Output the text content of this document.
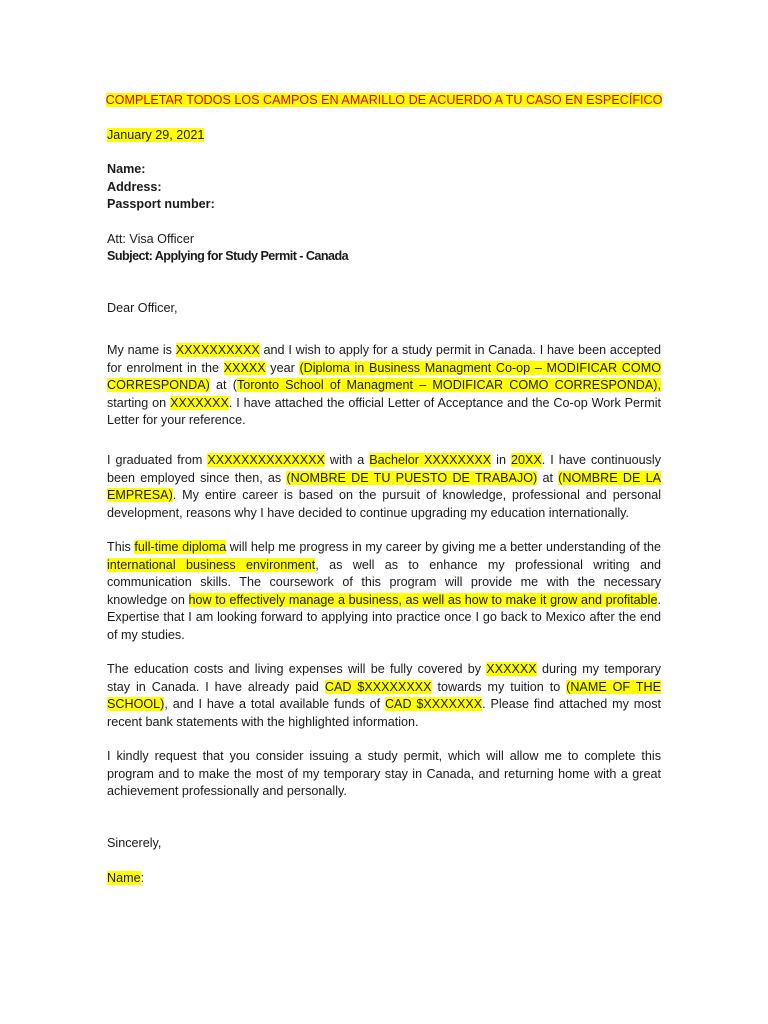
COMPLETAR TODOS LOS CAMPOS EN AMARILLO DE ACUERDO A TU CASO EN ESPECÍFICO
January 29, 2021
Name:
Address:
Passport number:
Att: Visa Officer
Subject: Applying for Study Permit - Canada
Dear Officer,
My name is XXXXXXXXXX and I wish to apply for a study permit in Canada. I have been accepted for enrolment in the XXXXX year (Diploma in Business Managment Co-op – MODIFICAR COMO CORRESPONDA) at (Toronto School of Managment – MODIFICAR COMO CORRESPONDA), starting on XXXXXXX. I have attached the official Letter of Acceptance and the Co-op Work Permit Letter for your reference.
I graduated from XXXXXXXXXXXXXX with a Bachelor XXXXXXXX in 20XX. I have continuously been employed since then, as (NOMBRE DE TU PUESTO DE TRABAJO) at (NOMBRE DE LA EMPRESA). My entire career is based on the pursuit of knowledge, professional and personal development, reasons why I have decided to continue upgrading my education internationally.
This full-time diploma will help me progress in my career by giving me a better understanding of the international business environment, as well as to enhance my professional writing and communication skills. The coursework of this program will provide me with the necessary knowledge on how to effectively manage a business, as well as how to make it grow and profitable. Expertise that I am looking forward to applying into practice once I go back to Mexico after the end of my studies.
The education costs and living expenses will be fully covered by XXXXXX during my temporary stay in Canada. I have already paid CAD $XXXXXXXX towards my tuition to (NAME OF THE SCHOOL), and I have a total available funds of CAD $XXXXXXX. Please find attached my most recent bank statements with the highlighted information.
I kindly request that you consider issuing a study permit, which will allow me to complete this program and to make the most of my temporary stay in Canada, and returning home with a great achievement professionally and personally.
Sincerely,
Name:
